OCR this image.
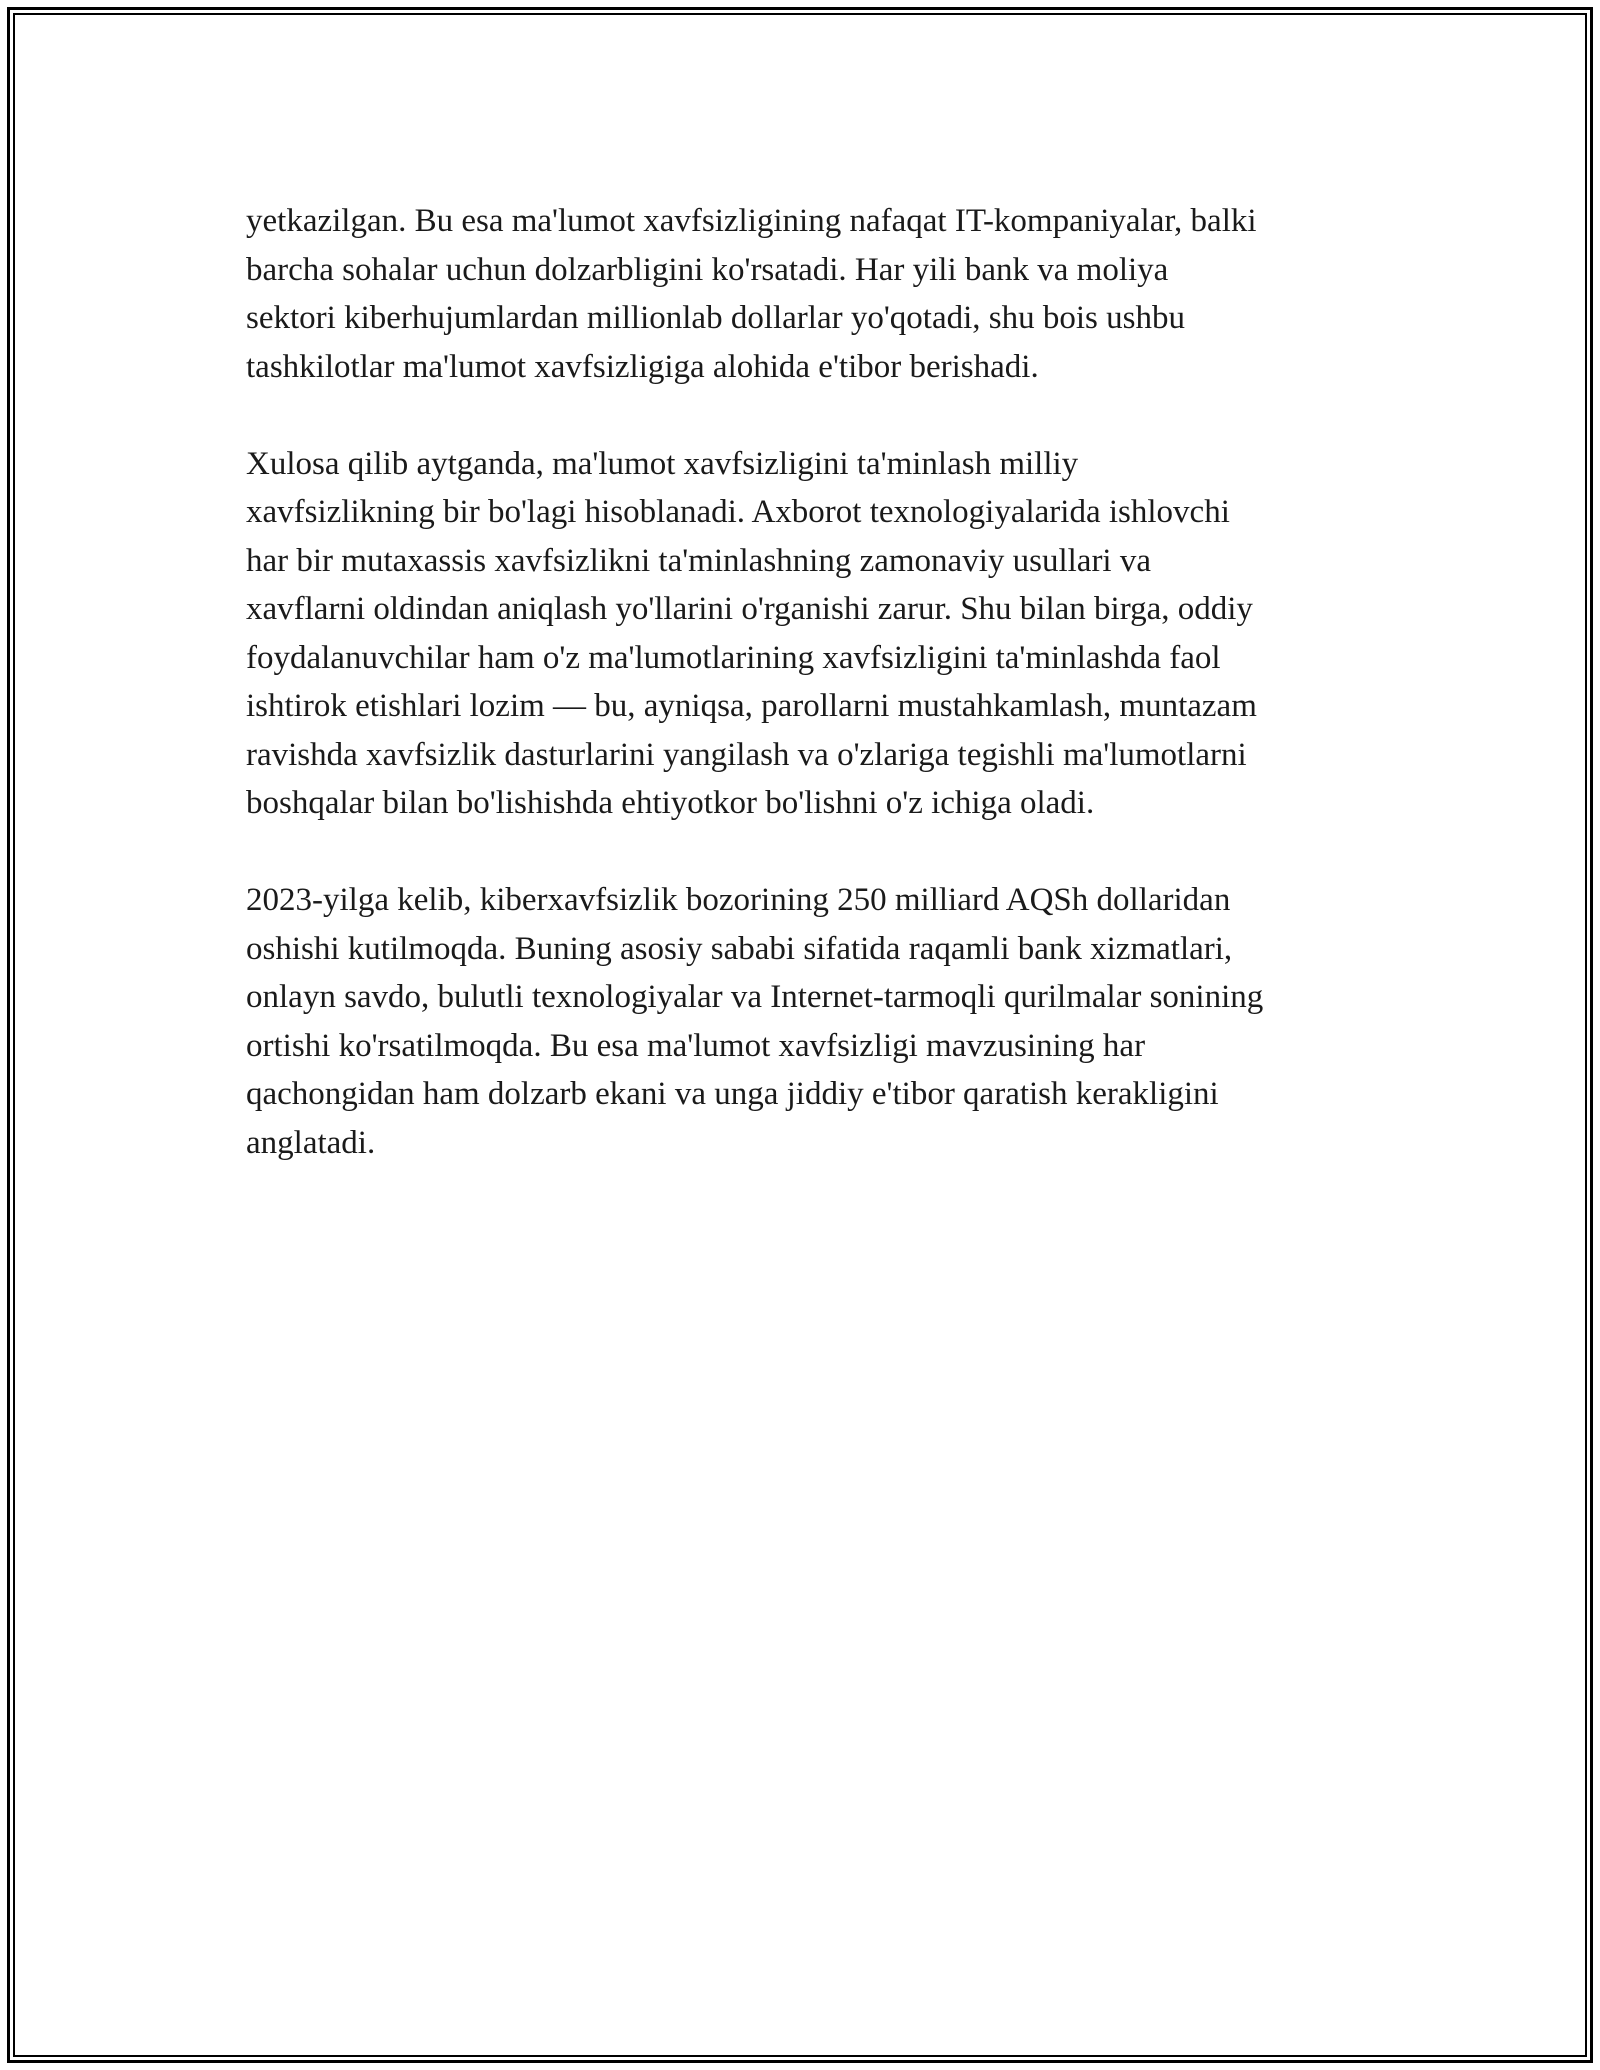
yetkazilgan. Bu esa ma'lumot xavfsizligining nafaqat IT-kompaniyalar, balki
barcha sohalar uchun dolzarbligini ko'rsatadi. Har yili bank va moliya
sektori kiberhujumlardan millionlab dollarlar yo'qotadi, shu bois ushbu
tashkilotlar ma'lumot xavfsizligiga alohida e'tibor berishadi.

Xulosa qilib aytganda, ma'lumot xavfsizligini ta'minlash milliy
xavfsizlikning bir bo'lagi hisoblanadi. Axborot texnologiyalarida ishlovchi
har bir mutaxassis xavfsizlikni ta'minlashning zamonaviy usullari va
xavflarni oldindan aniqlash yo'llarini o'rganishi zarur. Shu bilan birga, oddiy
foydalanuvchilar ham o'z ma'lumotlarining xavfsizligini ta'minlashda faol
ishtirok etishlari lozim — bu, ayniqsa, parollarni mustahkamlash, muntazam
ravishda xavfsizlik dasturlarini yangilash va o'zlariga tegishli ma'lumotlarni
boshqalar bilan bo'lishishda ehtiyotkor bo'lishni o'z ichiga oladi.

2023-yilga kelib, kiberxavfsizlik bozorining 250 milliard AQSh dollaridan
oshishi kutilmoqda. Buning asosiy sababi sifatida raqamli bank xizmatlari,
onlayn savdo, bulutli texnologiyalar va Internet-tarmoqli qurilmalar sonining
ortishi ko'rsatilmoqda. Bu esa ma'lumot xavfsizligi mavzusining har
qachongidan ham dolzarb ekani va unga jiddiy e'tibor qaratish kerakligini
anglatadi.
